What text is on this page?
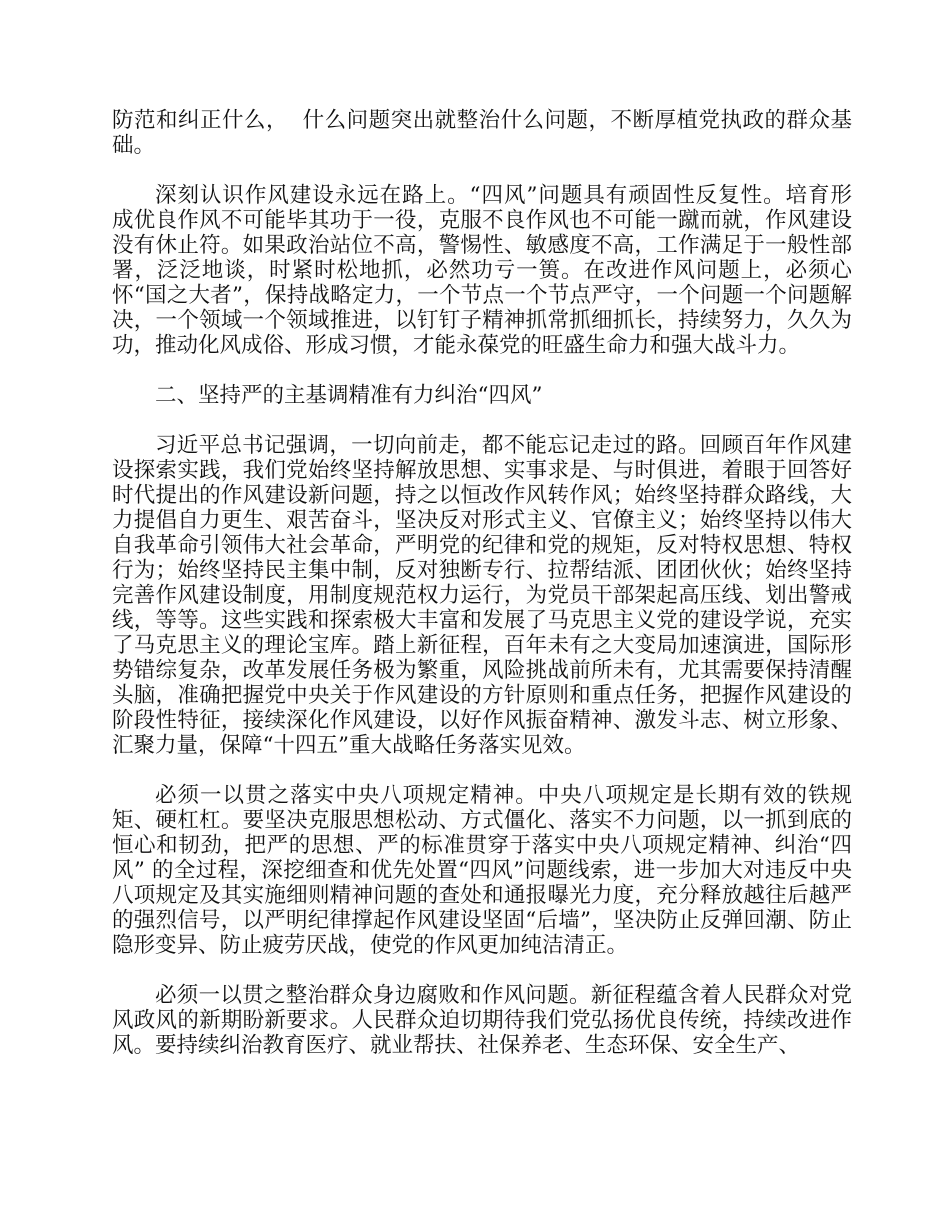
防范和纠正什么，  什么问题突出就整治什么问题，不断厚植党执政的群众基础。

深刻认识作风建设永远在路上。“四风”问题具有顽固性反复性。培育形  成优良作风不可能毕其功于一役，克服不良作风也不可能一蹴而就，作风建设没有休止符。如果政治站位不高，警惕性、敏感度不高，工作满足于一般性部署，泛泛地谈，时紧时松地抓，必然功亏一篑。在改进作风问题上，必须心怀“国之大者”，保持战略定力，一个节点一个节点严守，一个问题一个问题解决，一个领域一个领域推进，以钉钉子精神抓常抓细抓长，持续努力，久久为功，推动化风成俗、形成习惯，才能永葆党的旺盛生命力和强大战斗力。

二、坚持严的主基调精准有力纠治“四风”

习近平总书记强调，一切向前走，都不能忘记走过的路。回顾百年作风建设探索实践，我们党始终坚持解放思想、实事求是、与时俱进，着眼于回答好时代提出的作风建设新问题，持之以恒改作风转作风；始终坚持群众路线，大力提倡自力更生、艰苦奋斗，坚决反对形式主义、官僚主义；始终坚持以伟大自我革命引领伟大社会革命，严明党的纪律和党的规矩，反对特权思想、特权行为；始终坚持民主集中制，反对独断专行、拉帮结派、团团伙伙；始终坚持完善作风建设制度，用制度规范权力运行，为党员干部架起高压线、划出警戒线，等等。这些实践和探索极大丰富和发展了马克思主义党的建设学说，充实了马克思主义的理论宝库。踏上新征程，百年未有之大变局加速演进，国际形势错综复杂，改革发展任务极为繁重，风险挑战前所未有，尤其需要保持清醒头脑，准确把握党中央关于作风建设的方针原则和重点任务，把握作风建设的阶段性特征，接续深化作风建设，以好作风振奋精神、激发斗志、树立形象、汇聚力量，保障“十四五”重大战略任务落实见效。

必须一以贯之落实中央八项规定精神。中央八项规定是长期有效的铁规矩、硬杠杠。要坚决克服思想松动、方式僵化、落实不力问题，以一抓到底的恒心和韧劲，把严的思想、严的标准贯穿于落实中央八项规定精神、纠治“四风” 的全过程，深挖细查和优先处置“四风”问题线索，进一步加大对违反中央八项规定及其实施细则精神问题的查处和通报曝光力度，充分释放越往后越严的强烈信号，以严明纪律撑起作风建设坚固“后墙”，坚决防止反弹回潮、防止隐形变异、防止疲劳厌战，使党的作风更加纯洁清正。

必须一以贯之整治群众身边腐败和作风问题。新征程蕴含着人民群众对党风政风的新期盼新要求。人民群众迫切期待我们党弘扬优良传统，持续改进作风。要持续纠治教育医疗、就业帮扶、社保养老、生态环保、安全生产、
